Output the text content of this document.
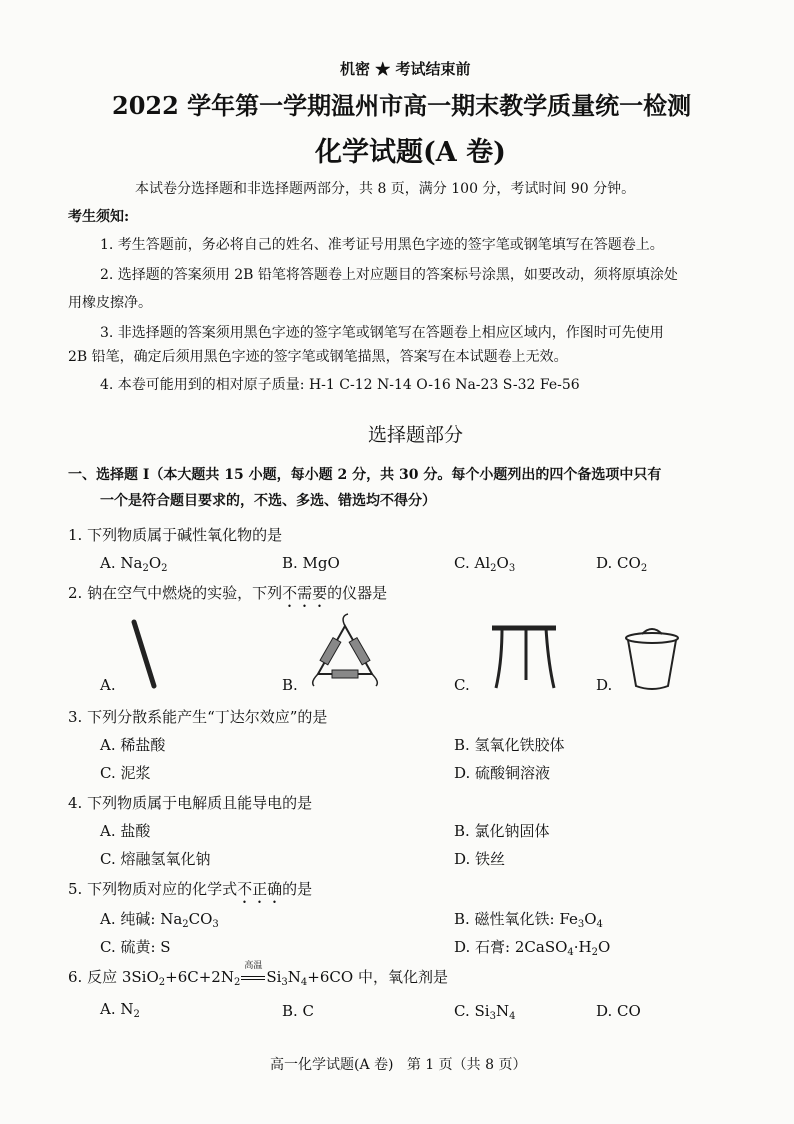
机密 ★ 考试结束前
2022 学年第一学期温州市高一期末教学质量统一检测
化学试题(A 卷)
本试卷分选择题和非选择题两部分，共 8 页，满分 100 分，考试时间 90 分钟。
考生须知:
1. 考生答题前，务必将自己的姓名、准考证号用黑色字迹的签字笔或钢笔填写在答题卷上。
2. 选择题的答案须用 2B 铅笔将答题卷上对应题目的答案标号涂黑，如要改动，须将原填涂处
用橡皮擦净。
3. 非选择题的答案须用黑色字迹的签字笔或钢笔写在答题卷上相应区域内，作图时可先使用
2B 铅笔，确定后须用黑色字迹的签字笔或钢笔描黑，答案写在本试题卷上无效。
4. 本卷可能用到的相对原子质量: H-1 C-12 N-14 O-16 Na-23 S-32 Fe-56
选择题部分
一、选择题 I（本大题共 15 小题，每小题 2 分，共 30 分。每个小题列出的四个备选项中只有
一个是符合题目要求的，不选、多选、错选均不得分）
1. 下列物质属于碱性氧化物的是
A. $Na_2O_2$	B. MgO	C. $Al_2O_3$	D. $CO_2$
2. 钠在空气中燃烧的实验，下列不需要的仪器是
A.	B.	C.	D.
3. 下列分散系能产生“丁达尔效应”的是
A. 稀盐酸	B. 氢氧化铁胶体
C. 泥浆	D. 硫酸铜溶液
4. 下列物质属于电解质且能导电的是
A. 盐酸	B. 氯化钠固体
C. 熔融氢氧化钠	D. 铁丝
5. 下列物质对应的化学式不正确的是
A. 纯碱: $Na_2CO_3$	B. 磁性氧化铁: $Fe_3O_4$
C. 硫黄: S	D. 石膏: $2CaSO_4\cdot H_2O$
6. 反应 $3SiO_2+6C+2N_2$
高温
$Si_3N_4+6CO$ 中，氧化剂是
A. $N_2$	B. C	C. $Si_3N_4$	D. CO
高一化学试题(A 卷)   第 1 页（共 8 页）
